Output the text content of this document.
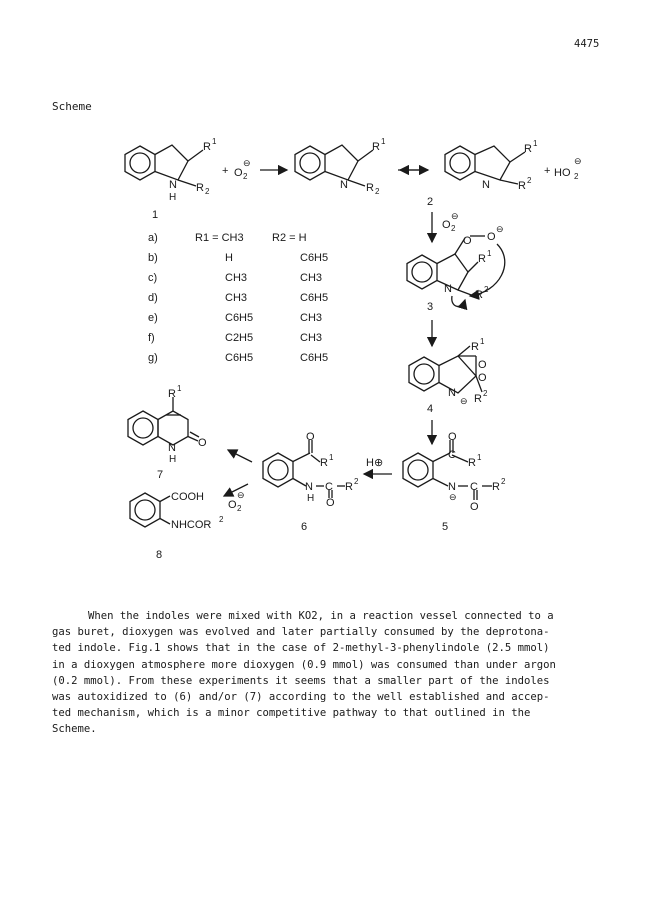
4475
Scheme
R 1
R 2
N
H
+ O 2
⊖
R 1
R 2
N
R 1
R 2
N
+ HO 2
⊖
1
2
O 2
⊖
a)	R1 = CH3	R2 = H
b)	H	C6H5
c)	CH3	CH3
d)	CH3	C6H5
e)	C6H5	CH3
f)	C2H5	CH3
g)	C6H5	C6H5
O O
⊖
R 1
R 2
N
3
O
O
R 1
R 2
N
⊖
4
O
C
R 1
N
⊖
C R 2
O
5
H⊕
O
R 1
N
H
C R 2
O
6
O 2
⊖
R 1
O
N
H
7
COOH
NHCOR 2
8
When the indoles were mixed with KO2, in a reaction vessel connected to a
gas buret, dioxygen was evolved and later partially consumed by the deprotona-
ted indole. Fig.1 shows that in the case of 2-methyl-3-phenylindole (2.5 mmol)
in a dioxygen atmosphere more dioxygen (0.9 mmol) was consumed than under argon
(0.2 mmol). From these experiments it seems that a smaller part of the indoles
was autoxidized to (6) and/or (7) according to the well established and accep-
ted mechanism, which is a minor competitive pathway to that outlined in the
Scheme.
